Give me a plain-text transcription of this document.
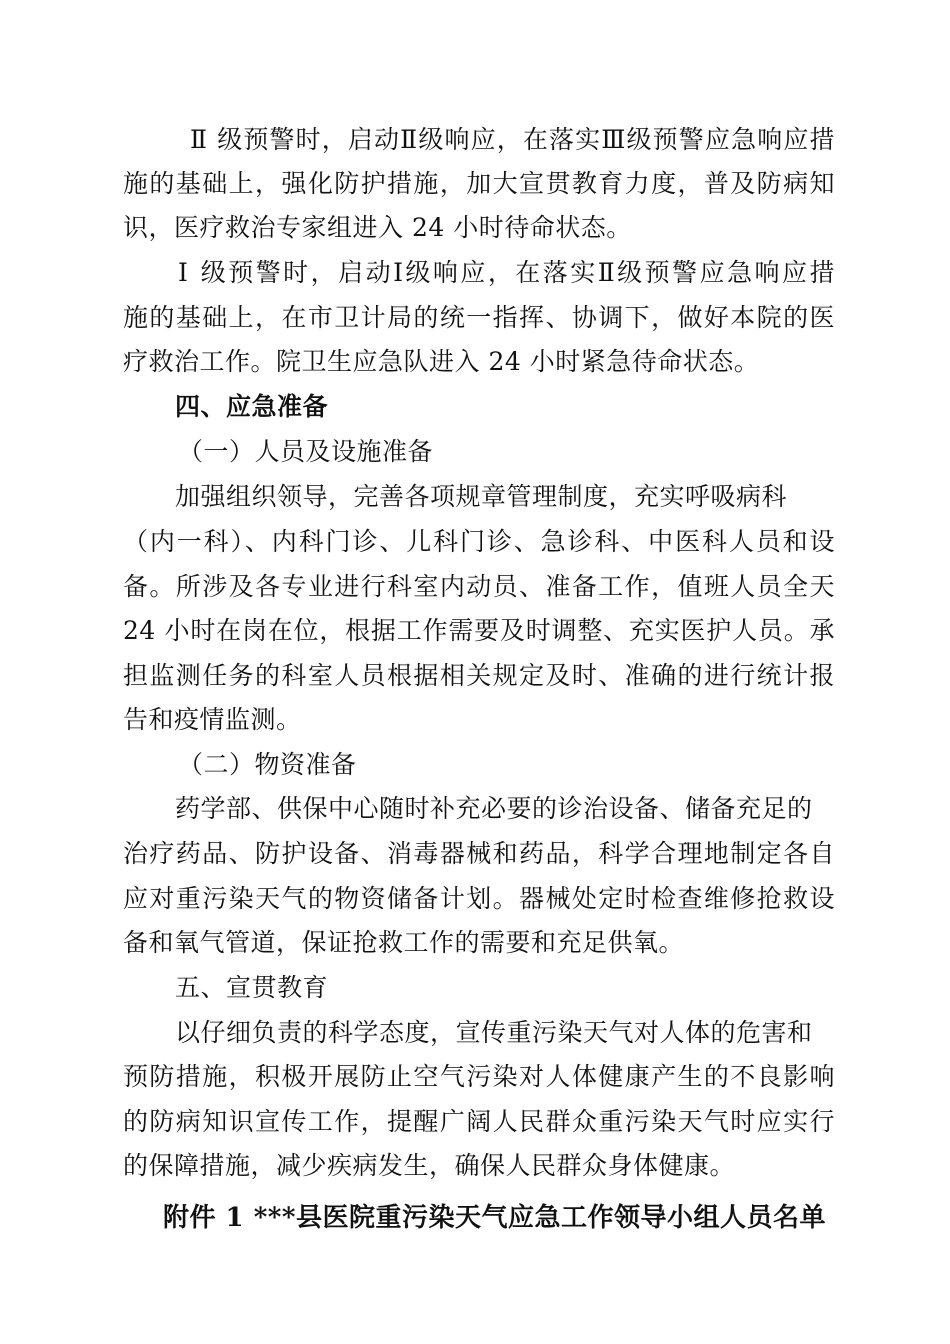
Ⅱ 级预警时，启动Ⅱ级响应，在落实Ⅲ级预警应急响应措
施的基础上，强化防护措施，加大宣贯教育力度，普及防病知
识，医疗救治专家组进入 24 小时待命状态。
Ⅰ 级预警时，启动Ⅰ级响应，在落实Ⅱ级预警应急响应措
施的基础上，在市卫计局的统一指挥、协调下，做好本院的医
疗救治工作。院卫生应急队进入 24 小时紧急待命状态。
四、应急准备
（一）人员及设施准备
加强组织领导，完善各项规章管理制度，充实呼吸病科
（内一科）、内科门诊、儿科门诊、急诊科、中医科人员和设
备。所涉及各专业进行科室内动员、准备工作，值班人员全天
24 小时在岗在位，根据工作需要及时调整、充实医护人员。承
担监测任务的科室人员根据相关规定及时、准确的进行统计报
告和疫情监测。
（二）物资准备
药学部、供保中心随时补充必要的诊治设备、储备充足的
治疗药品、防护设备、消毒器械和药品，科学合理地制定各自
应对重污染天气的物资储备计划。器械处定时检查维修抢救设
备和氧气管道，保证抢救工作的需要和充足供氧。
五、宣贯教育
以仔细负责的科学态度，宣传重污染天气对人体的危害和
预防措施，积极开展防止空气污染对人体健康产生的不良影响
的防病知识宣传工作，提醒广阔人民群众重污染天气时应实行
的保障措施，减少疾病发生，确保人民群众身体健康。
附件 1 ***县医院重污染天气应急工作领导小组人员名单
